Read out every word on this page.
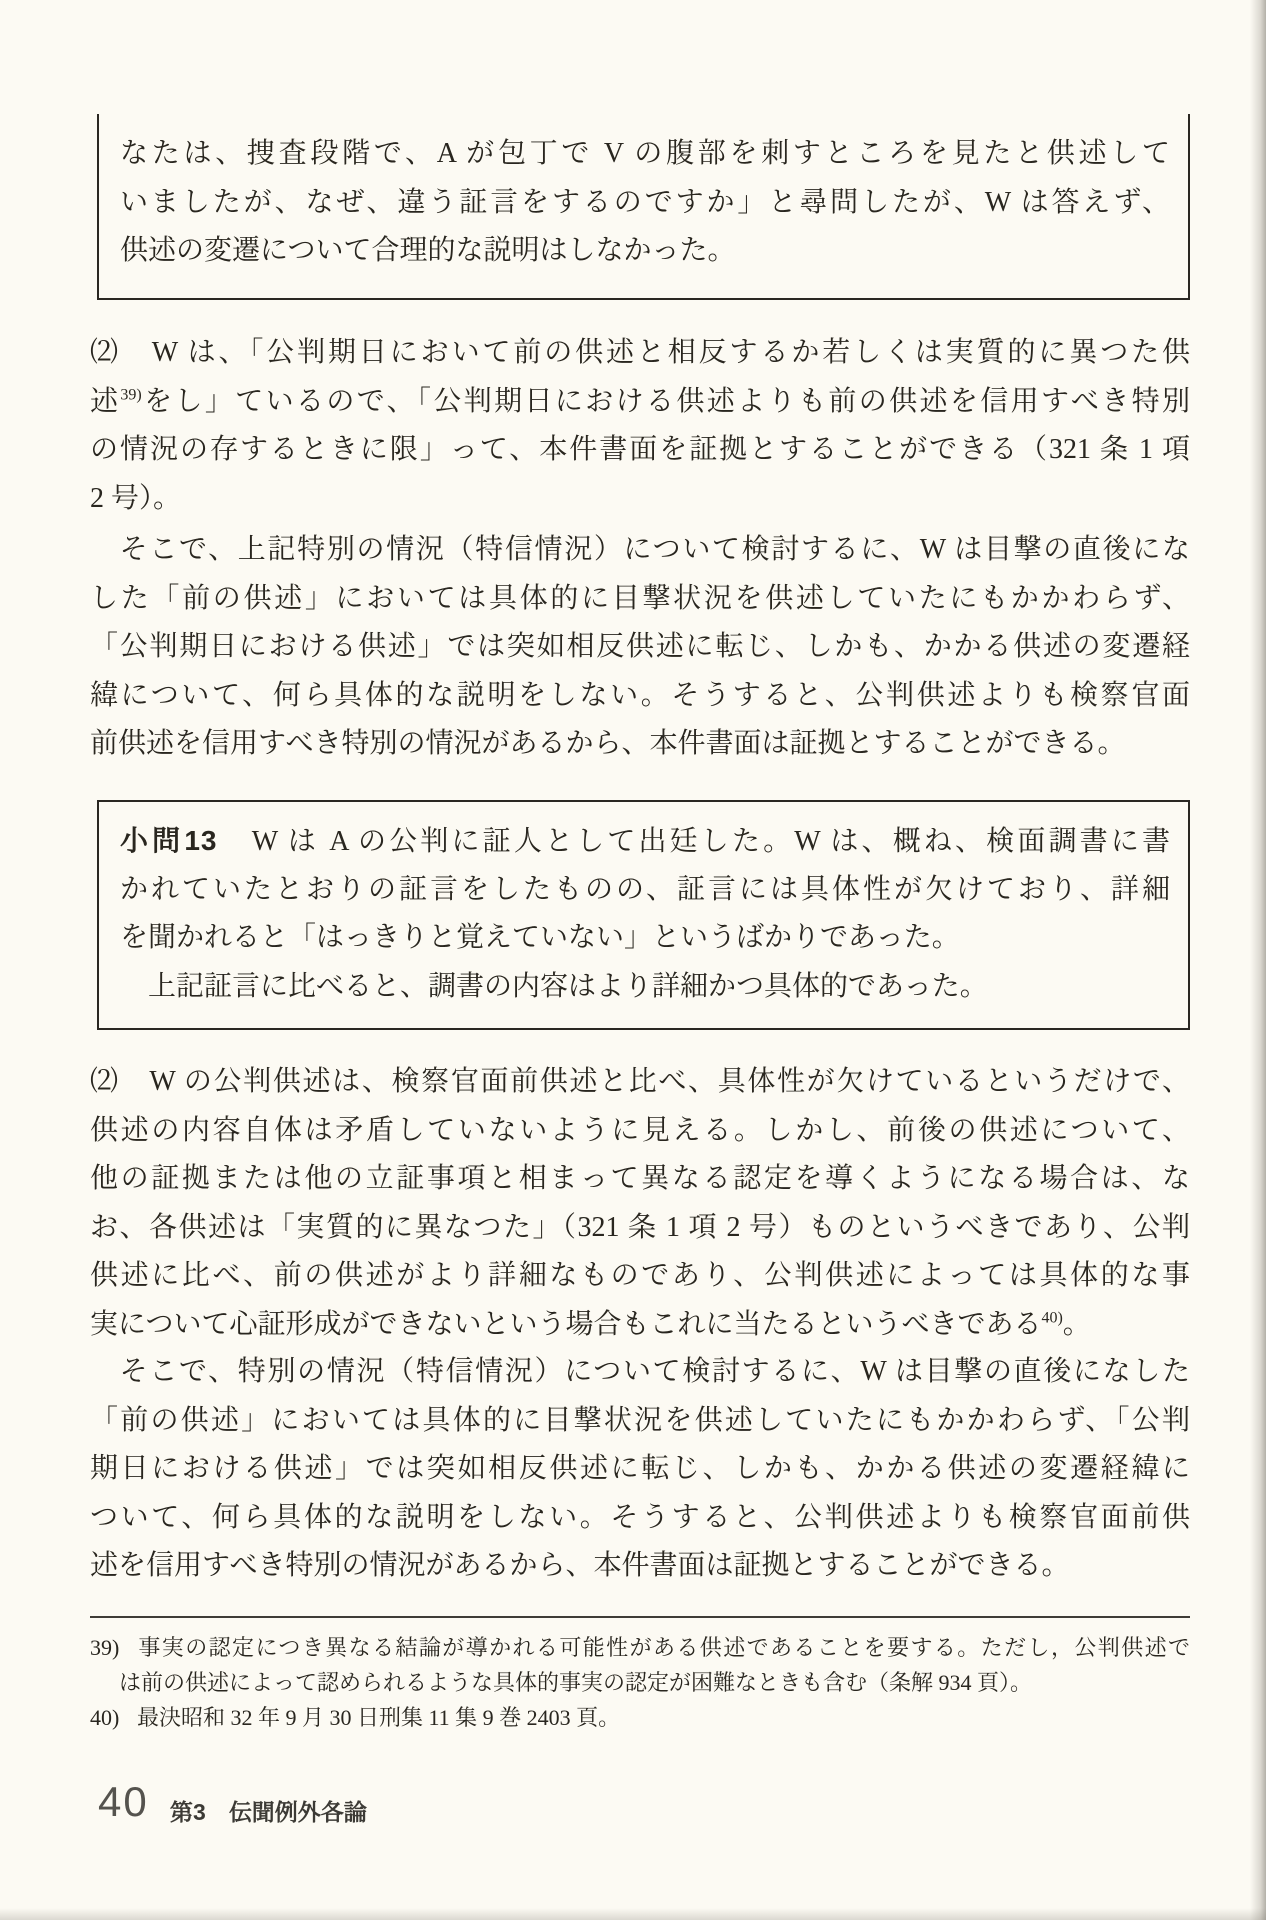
なたは、捜査段階で、A が包丁で V の腹部を刺すところを見たと供述して
いましたが、なぜ、違う証言をするのですか」と尋問したが、W は答えず、
供述の変遷について合理的な説明はしなかった。
⑵　W は、「公判期日において前の供述と相反するか若しくは実質的に異つた供
述$^{39)}$をし」ているので、「公判期日における供述よりも前の供述を信用すべき特別
の情況の存するときに限」って、本件書面を証拠とすることができる（321 条 1 項
2 号）。
　そこで、上記特別の情況（特信情況）について検討するに、W は目撃の直後にな
した「前の供述」においては具体的に目撃状況を供述していたにもかかわらず、
「公判期日における供述」では突如相反供述に転じ、しかも、かかる供述の変遷経
緯について、何ら具体的な説明をしない。そうすると、公判供述よりも検察官面
前供述を信用すべき特別の情況があるから、本件書面は証拠とすることができる。
小問13　W は A の公判に証人として出廷した。W は、概ね、検面調書に書
かれていたとおりの証言をしたものの、証言には具体性が欠けており、詳細
を聞かれると「はっきりと覚えていない」というばかりであった。
　上記証言に比べると、調書の内容はより詳細かつ具体的であった。
⑵　W の公判供述は、検察官面前供述と比べ、具体性が欠けているというだけで、
供述の内容自体は矛盾していないように見える。しかし、前後の供述について、
他の証拠または他の立証事項と相まって異なる認定を導くようになる場合は、な
お、各供述は「実質的に異なつた」（321 条 1 項 2 号）ものというべきであり、公判
供述に比べ、前の供述がより詳細なものであり、公判供述によっては具体的な事
実について心証形成ができないという場合もこれに当たるというべきである$^{40)}$。
　そこで、特別の情況（特信情況）について検討するに、W は目撃の直後になした
「前の供述」においては具体的に目撃状況を供述していたにもかかわらず、「公判
期日における供述」では突如相反供述に転じ、しかも、かかる供述の変遷経緯に
ついて、何ら具体的な説明をしない。そうすると、公判供述よりも検察官面前供
述を信用すべき特別の情況があるから、本件書面は証拠とすることができる。
39) 事実の認定につき異なる結論が導かれる可能性がある供述であることを要する。ただし，公判供述で
は前の供述によって認められるような具体的事実の認定が困難なときも含む（条解 934 頁）。
40) 最決昭和 32 年 9 月 30 日刑集 11 集 9 巻 2403 頁。
40 第3　伝聞例外各論
